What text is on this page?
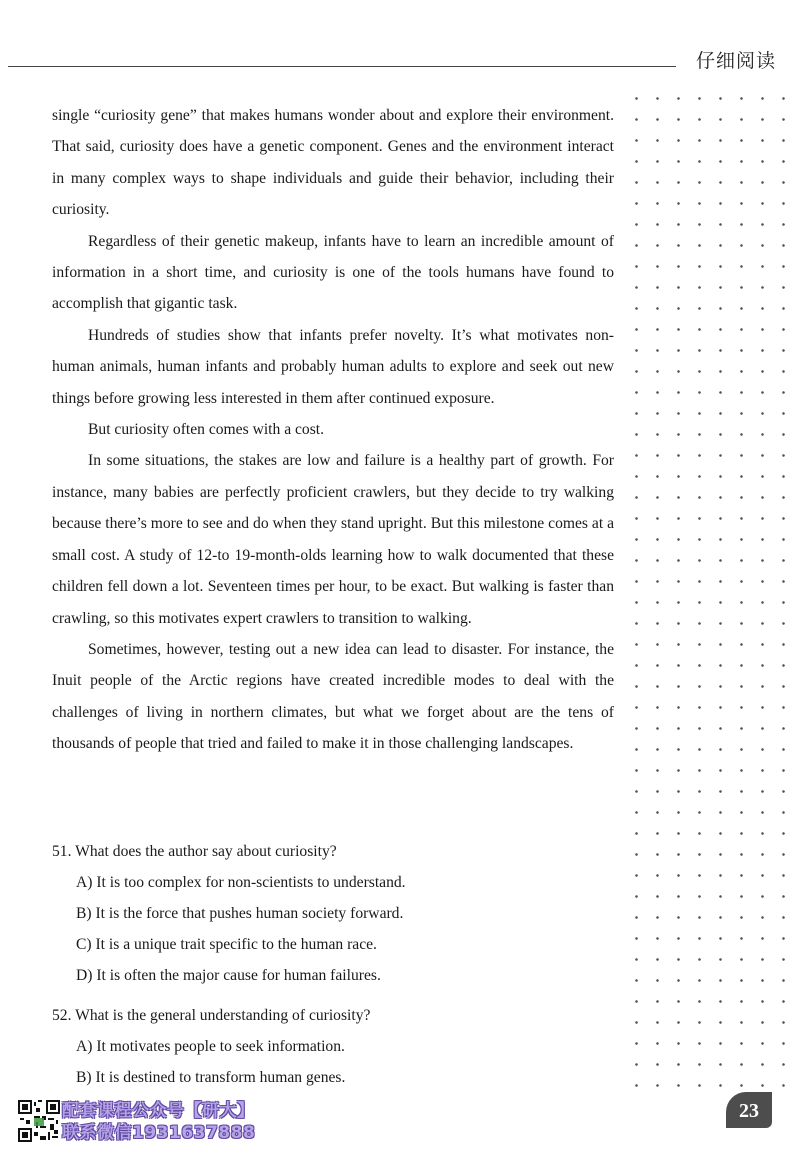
仔细阅读

single “curiosity gene” that makes humans wonder about and explore their environment. That said, curiosity does have a genetic component. Genes and the environment interact in many complex ways to shape individuals and guide their behavior, including their curiosity.

Regardless of their genetic makeup, infants have to learn an incredible amount of information in a short time, and curiosity is one of the tools humans have found to accomplish that gigantic task.

Hundreds of studies show that infants prefer novelty. It’s what motivates non-human animals, human infants and probably human adults to explore and seek out new things before growing less interested in them after continued exposure.

But curiosity often comes with a cost.

In some situations, the stakes are low and failure is a healthy part of growth. For instance, many babies are perfectly proficient crawlers, but they decide to try walking because there’s more to see and do when they stand upright. But this milestone comes at a small cost. A study of 12-to 19-month-olds learning how to walk documented that these children fell down a lot. Seventeen times per hour, to be exact. But walking is faster than crawling, so this motivates expert crawlers to transition to walking.

Sometimes, however, testing out a new idea can lead to disaster. For instance, the Inuit people of the Arctic regions have created incredible modes to deal with the challenges of living in northern climates, but what we forget about are the tens of thousands of people that tried and failed to make it in those challenging landscapes.

51. What does the author say about curiosity?

A) It is too complex for non-scientists to understand.

B) It is the force that pushes human society forward.

C) It is a unique trait specific to the human race.

D) It is often the major cause for human failures.

52. What is the general understanding of curiosity?

A) It motivates people to seek information.

B) It is destined to transform human genes.

23
配套课程公众号【研大】
联系微信1931637888
